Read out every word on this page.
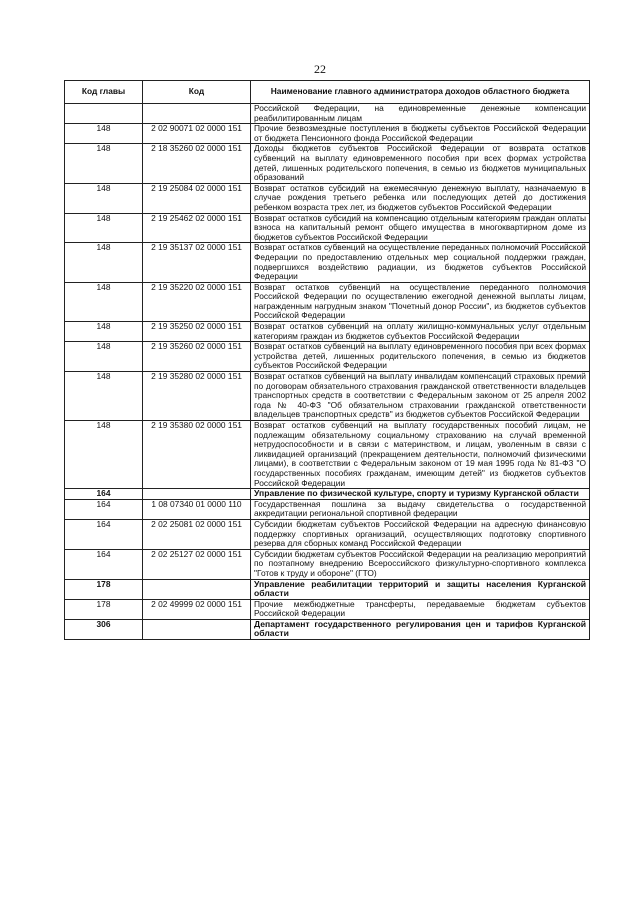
22
Код главы	Код	Наименование главного администратора доходов областного бюджета
		Российской Федерации, на единовременные денежные компенсации реабилитированным лицам
148	2 02 90071 02 0000 151	Прочие безвозмездные поступления в бюджеты субъектов Российской Федерации от бюджета Пенсионного фонда Российской Федерации
148	2 18 35260 02 0000 151	Доходы бюджетов субъектов Российской Федерации от возврата остатков субвенций на выплату единовременного пособия при всех формах устройства детей, лишенных родительского попечения, в семью из бюджетов муниципальных образований
148	2 19 25084 02 0000 151	Возврат остатков субсидий на ежемесячную денежную выплату, назначаемую в случае рождения третьего ребенка или последующих детей до достижения ребенком возраста трех лет, из бюджетов субъектов Российской Федерации
148	2 19 25462 02 0000 151	Возврат остатков субсидий на компенсацию отдельным категориям граждан оплаты взноса на капитальный ремонт общего имущества в многоквартирном доме из бюджетов субъектов Российской Федерации
148	2 19 35137 02 0000 151	Возврат остатков субвенций на осуществление переданных полномочий Российской Федерации по предоставлению отдельных мер социальной поддержки граждан, подвергшихся воздействию радиации, из бюджетов субъектов Российской Федерации
148	2 19 35220 02 0000 151	Возврат остатков субвенций на осуществление переданного полномочия Российской Федерации по осуществлению ежегодной денежной выплаты лицам, награжденным нагрудным знаком "Почетный донор России", из бюджетов субъектов Российской Федерации
148	2 19 35250 02 0000 151	Возврат остатков субвенций на оплату жилищно-коммунальных услуг отдельным категориям граждан из бюджетов субъектов Российской Федерации
148	2 19 35260 02 0000 151	Возврат остатков субвенций на выплату единовременного пособия при всех формах устройства детей, лишенных родительского попечения, в семью из бюджетов субъектов Российской Федерации
148	2 19 35280 02 0000 151	Возврат остатков субвенций на выплату инвалидам компенсаций страховых премий по договорам обязательного страхования гражданской ответственности владельцев транспортных средств в соответствии с Федеральным законом от 25 апреля 2002 года № 40-ФЗ "Об обязательном страховании гражданской ответственности владельцев транспортных средств" из бюджетов субъектов Российской Федерации
148	2 19 35380 02 0000 151	Возврат остатков субвенций на выплату государственных пособий лицам, не подлежащим обязательному социальному страхованию на случай временной нетрудоспособности и в связи с материнством, и лицам, уволенным в связи с ликвидацией организаций (прекращением деятельности, полномочий физическими лицами), в соответствии с Федеральным законом от 19 мая 1995 года № 81-ФЗ "О государственных пособиях гражданам, имеющим детей" из бюджетов субъектов Российской Федерации
164		Управление по физической культуре, спорту и туризму Курганской области
164	1 08 07340 01 0000 110	Государственная пошлина за выдачу свидетельства о государственной аккредитации региональной спортивной федерации
164	2 02 25081 02 0000 151	Субсидии бюджетам субъектов Российской Федерации на адресную финансовую поддержку спортивных организаций, осуществляющих подготовку спортивного резерва для сборных команд Российской Федерации
164	2 02 25127 02 0000 151	Субсидии бюджетам субъектов Российской Федерации на реализацию мероприятий по поэтапному внедрению Всероссийского физкультурно-спортивного комплекса "Готов к труду и обороне" (ГТО)
178		Управление реабилитации территорий и защиты населения Курганской области
178	2 02 49999 02 0000 151	Прочие межбюджетные трансферты, передаваемые бюджетам субъектов Российской Федерации
306		Департамент государственного регулирования цен и тарифов Курганской области
